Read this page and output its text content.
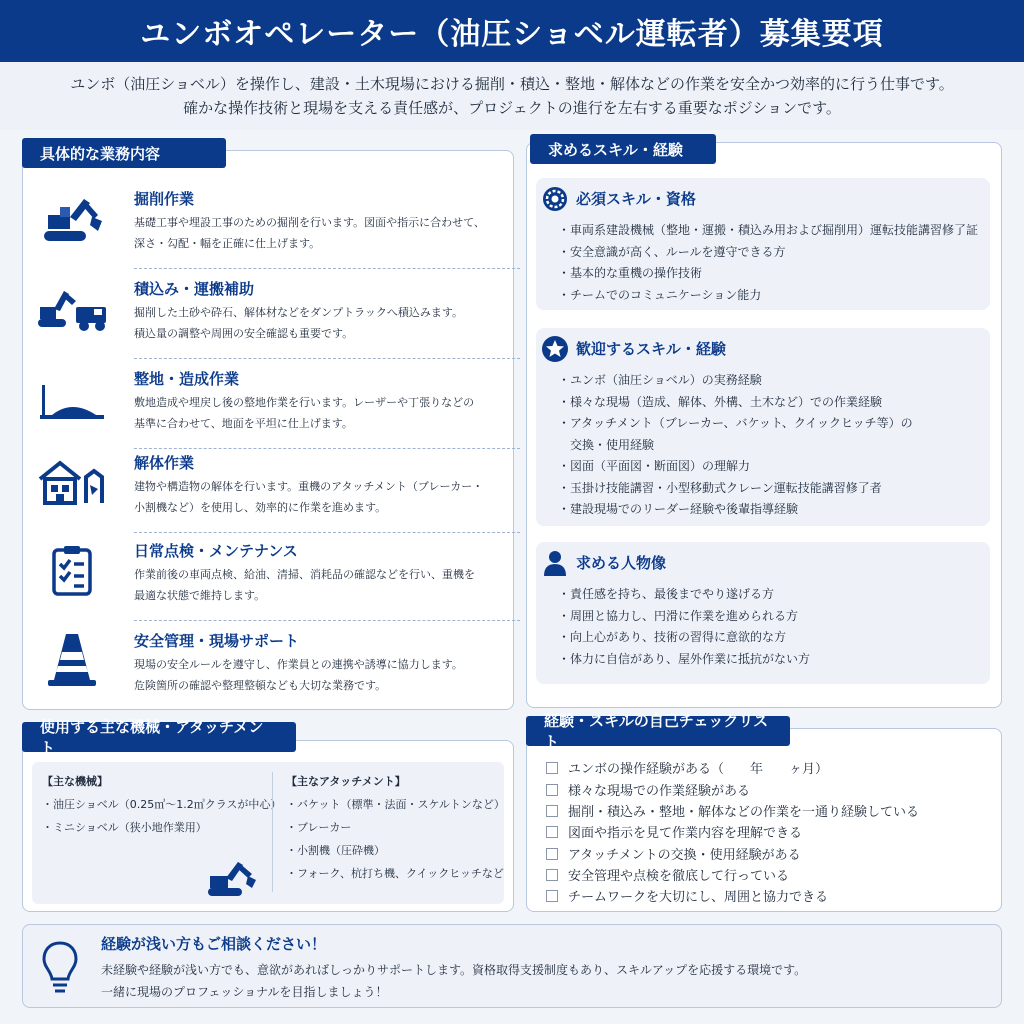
ユンボオペレーター（油圧ショベル運転者）募集要項
ユンボ（油圧ショベル）を操作し、建設・土木現場における掘削・積込・整地・解体などの作業を安全かつ効率的に行う仕事です。
確かな操作技術と現場を支える責任感が、プロジェクトの進行を左右する重要なポジションです。
具体的な業務内容
掘削作業

基礎工事や埋設工事のための掘削を行います。図面や指示に合わせて、
深さ・勾配・幅を正確に仕上げます。

積込み・運搬補助

掘削した土砂や砕石、解体材などをダンプトラックへ積込みます。
積込量の調整や周囲の安全確認も重要です。

整地・造成作業

敷地造成や埋戻し後の整地作業を行います。レーザーや丁張りなどの
基準に合わせて、地面を平坦に仕上げます。

解体作業

建物や構造物の解体を行います。重機のアタッチメント（ブレーカー・
小割機など）を使用し、効率的に作業を進めます。

日常点検・メンテナンス

作業前後の車両点検、給油、清掃、消耗品の確認などを行い、重機を
最適な状態で維持します。

安全管理・現場サポート

現場の安全ルールを遵守し、作業員との連携や誘導に協力します。
危険箇所の確認や整理整頓なども大切な業務です。

求めるスキル・経験
必須スキル・資格
・ 車両系建設機械（整地・運搬・積込み用および掘削用）運転技能講習修了証
・ 安全意識が高く、ルールを遵守できる方
・ 基本的な重機の操作技術
・ チームでのコミュニケーション能力
歓迎するスキル・経験
・ ユンボ（油圧ショベル）の実務経験
・ 様々な現場（造成、解体、外構、土木など）での作業経験
・ アタッチメント（ブレーカー、バケット、クイックヒッチ等）の
交換・使用経験
・ 図面（平面図・断面図）の理解力
・ 玉掛け技能講習・小型移動式クレーン運転技能講習修了者
・ 建設現場でのリーダー経験や後輩指導経験
求める人物像
・ 責任感を持ち、最後までやり遂げる方
・ 周囲と協力し、円滑に作業を進められる方
・ 向上心があり、技術の習得に意欲的な方
・ 体力に自信があり、屋外作業に抵抗がない方
使用する主な機械・アタッチメント
【主な機械】
・油圧ショベル（0.25㎥〜1.2㎥クラスが中心）
・ミニショベル（狭小地作業用）
【主なアタッチメント】
・バケット（標準・法面・スケルトンなど）
・ブレーカー
・小割機（圧砕機）
・フォーク、杭打ち機、クイックヒッチなど
経験・スキルの自己チェックリスト
ユンボの操作経験がある（　　年　　ヶ月）
様々な現場での作業経験がある
掘削・積込み・整地・解体などの作業を一通り経験している
図面や指示を見て作業内容を理解できる
アタッチメントの交換・使用経験がある
安全管理や点検を徹底して行っている
チームワークを大切にし、周囲と協力できる
経験が浅い方もご相談ください！

未経験や経験が浅い方でも、意欲があればしっかりサポートします。資格取得支援制度もあり、スキルアップを応援する環境です。
一緒に現場のプロフェッショナルを目指しましょう！
